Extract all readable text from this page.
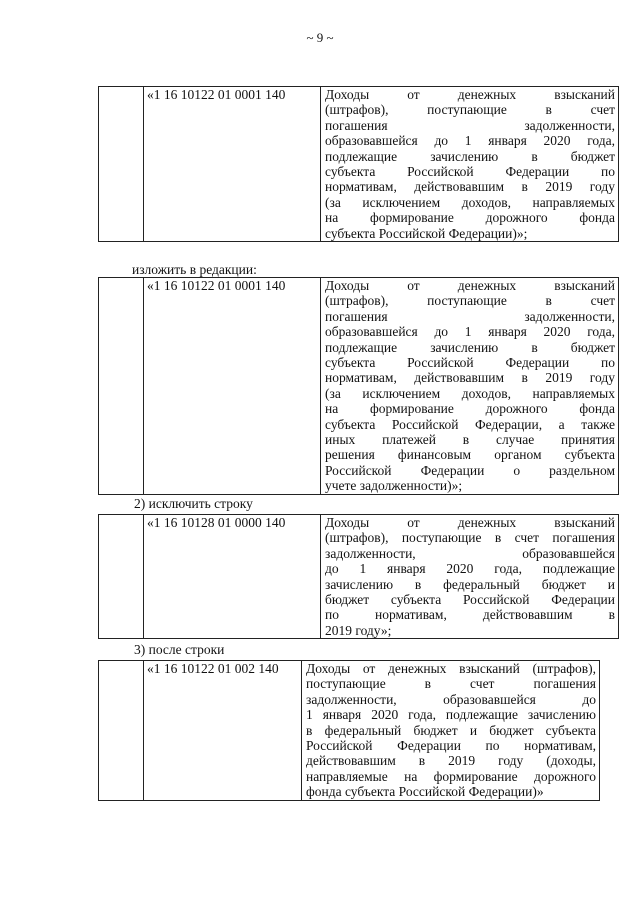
~ 9 ~
	«1 16 10122 01 0001 140	Доходы от денежных взысканий
(штрафов), поступающие в счет
погашения задолженности,
образовавшейся до 1 января 2020 года,
подлежащие зачислению в бюджет
субъекта Российской Федерации по
нормативам, действовавшим в 2019 году
(за исключением доходов, направляемых
на формирование дорожного фонда
субъекта Российской Федерации)»;
изложить в редакции:
	«1 16 10122 01 0001 140	Доходы от денежных взысканий
(штрафов), поступающие в счет
погашения задолженности,
образовавшейся до 1 января 2020 года,
подлежащие зачислению в бюджет
субъекта Российской Федерации по
нормативам, действовавшим в 2019 году
(за исключением доходов, направляемых
на формирование дорожного фонда
субъекта Российской Федерации, а также
иных платежей в случае принятия
решения финансовым органом субъекта
Российской Федерации о раздельном
учете задолженности)»;
2) исключить строку
	«1 16 10128 01 0000 140	Доходы от денежных взысканий
(штрафов), поступающие в счет погашения
задолженности, образовавшейся
до 1 января 2020 года, подлежащие
зачислению в федеральный бюджет и
бюджет субъекта Российской Федерации
по нормативам, действовавшим в
2019 году»;
3) после строки
	«1 16 10122 01 002 140	Доходы от денежных взысканий (штрафов),
поступающие в счет погашения
задолженности, образовавшейся до
1 января 2020 года, подлежащие зачислению
в федеральный бюджет и бюджет субъекта
Российской Федерации по нормативам,
действовавшим в 2019 году (доходы,
направляемые на формирование дорожного
фонда субъекта Российской Федерации)»
